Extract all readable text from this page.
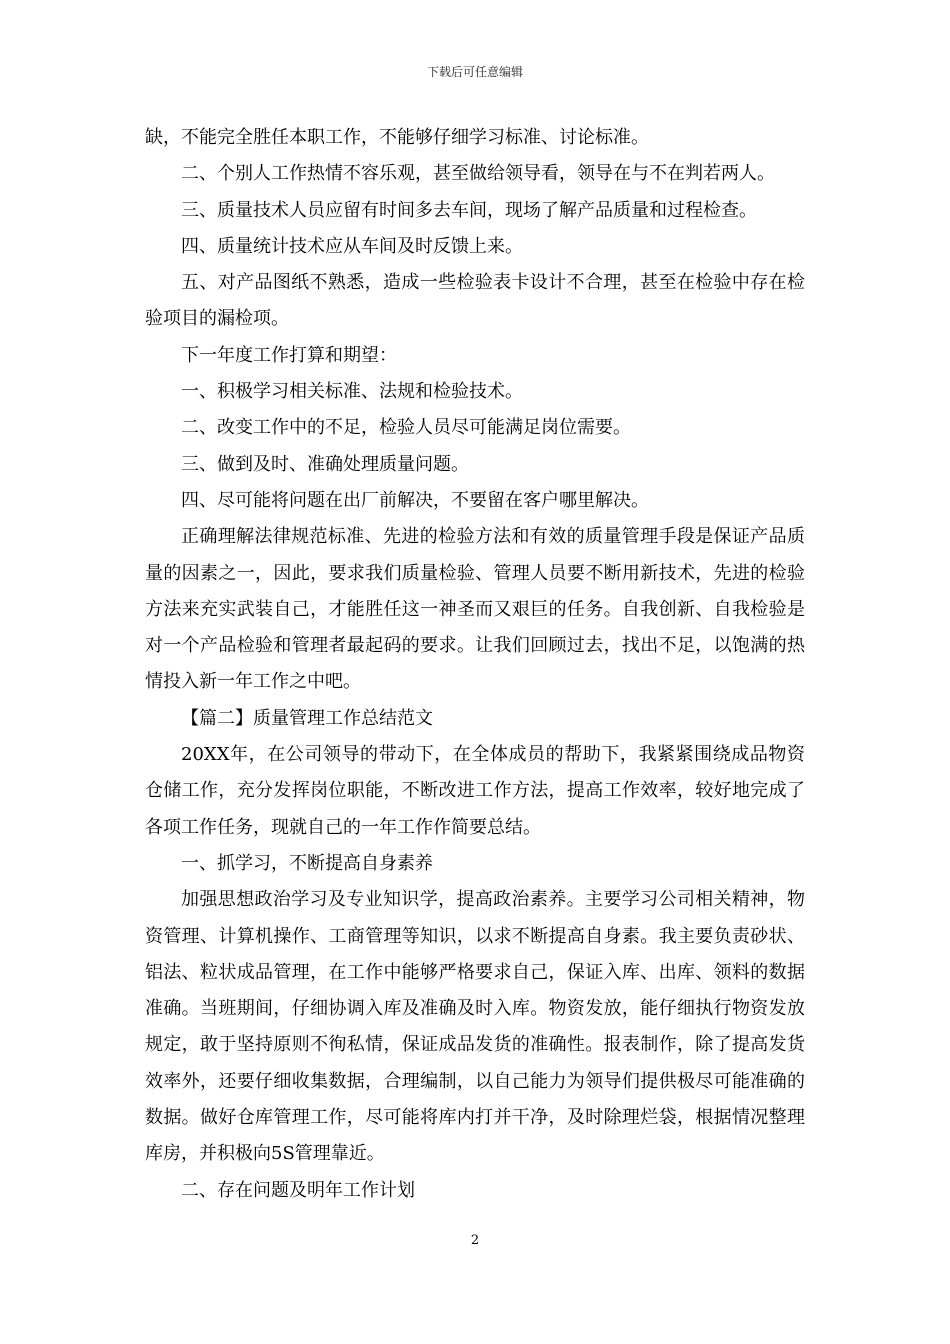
下载后可任意编辑

缺，不能完全胜任本职工作，不能够仔细学习标准、讨论标准。

二、个别人工作热情不容乐观，甚至做给领导看，领导在与不在判若两人。

三、质量技术人员应留有时间多去车间，现场了解产品质量和过程检查。

四、质量统计技术应从车间及时反馈上来。

五、对产品图纸不熟悉，造成一些检验表卡设计不合理，甚至在检验中存在检验项目的漏检项。

下一年度工作打算和期望：

一、积极学习相关标准、法规和检验技术。

二、改变工作中的不足，检验人员尽可能满足岗位需要。

三、做到及时、准确处理质量问题。

四、尽可能将问题在出厂前解决，不要留在客户哪里解决。

正确理解法律规范标准、先进的检验方法和有效的质量管理手段是保证产品质量的因素之一，因此，要求我们质量检验、管理人员要不断用新技术，先进的检验方法来充实武装自己，才能胜任这一神圣而又艰巨的任务。自我创新、自我检验是对一个产品检验和管理者最起码的要求。让我们回顾过去，找出不足，以饱满的热情投入新一年工作之中吧。

【篇二】质量管理工作总结范文

20XX年，在公司领导的带动下，在全体成员的帮助下，我紧紧围绕成品物资仓储工作，充分发挥岗位职能，不断改进工作方法，提高工作效率，较好地完成了各项工作任务，现就自己的一年工作作简要总结。

一、抓学习，不断提高自身素养

加强思想政治学习及专业知识学，提高政治素养。主要学习公司相关精神，物资管理、计算机操作、工商管理等知识，以求不断提高自身素。我主要负责砂状、铝法、粒状成品管理，在工作中能够严格要求自己，保证入库、出库、领料的数据准确。当班期间，仔细协调入库及准确及时入库。物资发放，能仔细执行物资发放规定，敢于坚持原则不徇私情，保证成品发货的准确性。报表制作，除了提高发货效率外，还要仔细收集数据，合理编制，以自己能力为领导们提供极尽可能准确的数据。做好仓库管理工作，尽可能将库内打并干净，及时除理烂袋，根据情况整理库房，并积极向5S管理靠近。

二、存在问题及明年工作计划

2
